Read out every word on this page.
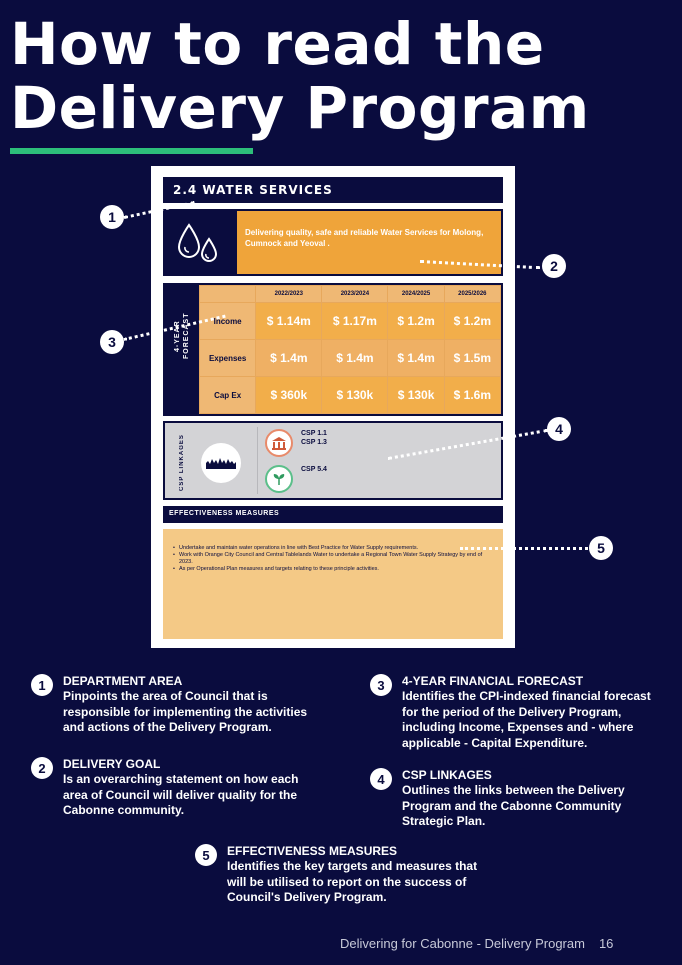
How to read the
Delivery Program
2.4 WATER SERVICES
Delivering quality, safe and reliable Water Services for Molong, Cumnock and Yeoval .
4-YEAR FORECAST
	2022/2023	2023/2024	2024/2025	2025/2026
Income	$ 1.14m	$ 1.17m	$ 1.2m	$ 1.2m
Expenses	$ 1.4m	$ 1.4m	$ 1.4m	$ 1.5m
Cap Ex	$ 360k	$ 130k	$ 130k	$ 1.6m
CSP LINKAGES
CSP 1.1
CSP 1.3
CSP 5.4
EFFECTIVENESS MEASURES
• Undertake and maintain water operations in line with Best Practice for Water Supply requirements.
• Work with Orange City Council and Central Tablelands Water to undertake a Regional Town Water Supply Strategy by end of 2023.
• As per Operational Plan measures and targets relating to these principle activities.
1
2
3
4
5
1	DEPARTMENT AREA
Pinpoints the area of Council that is responsible for implementing the activities and actions of the Delivery Program.
2	DELIVERY GOAL
Is an overarching statement on how each area of Council will deliver quality for the Cabonne community.
3	4-YEAR FINANCIAL FORECAST
Identifies the CPI-indexed financial forecast for the period of the Delivery Program, including Income, Expenses and - where applicable - Capital Expenditure.
4	CSP LINKAGES
Outlines the links between the Delivery Program and the Cabonne Community Strategic Plan.
5	EFFECTIVENESS MEASURES
Identifies the key targets and measures that will be utilised to report on the success of Council's Delivery Program.
Delivering for Cabonne - Delivery Program 16
